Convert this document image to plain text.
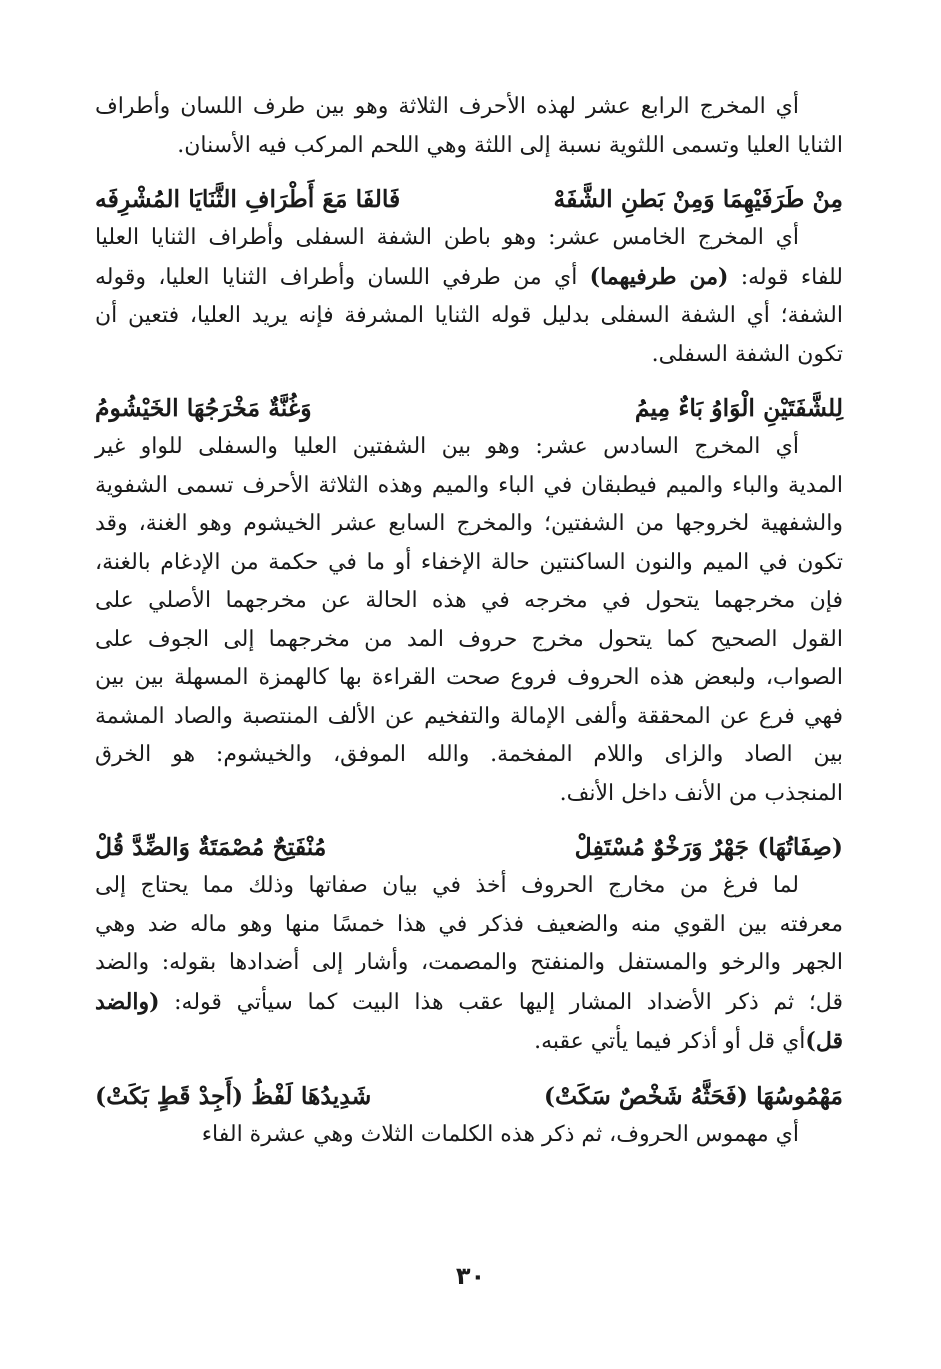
أي المخرج الرابع عشر لهذه الأحرف الثلاثة وهو بين طرف اللسان وأطراف
الثنايا العليا وتسمى اللثوية نسبة إلى اللثة وهي اللحم المركب فيه الأسنان.

مِنْ طَرَفَيْهِمَا وَمِنْ بَطنِ الشَّفَهْ
فَالفَا مَعَ أَطْرَافِ الثَّنَايَا المُشْرِفَه

أي المخرج الخامس عشر: وهو باطن الشفة السفلى وأطراف الثنايا العليا
للفاء قوله: (من طرفيهما) أي من طرفي اللسان وأطراف الثنايا العليا، وقوله
الشفة؛ أي الشفة السفلى بدليل قوله الثنايا المشرفة فإنه يريد العليا، فتعين أن
تكون الشفة السفلى.

لِلشَّفَتَيْنِ الْوَاوُ بَاءٌ مِيمُ
وَغُنَّةٌ مَخْرَجُهَا الخَيْشُومُ

أي المخرج السادس عشر: وهو بين الشفتين العليا والسفلى للواو غير
المدية والباء والميم فيطبقان في الباء والميم وهذه الثلاثة الأحرف تسمى الشفوية
والشفهية لخروجها من الشفتين؛ والمخرج السابع عشر الخيشوم وهو الغنة، وقد
تكون في الميم والنون الساكنتين حالة الإخفاء أو ما في حكمة من الإدغام بالغنة،
فإن مخرجهما يتحول في مخرجه في هذه الحالة عن مخرجهما الأصلي على
القول الصحيح كما يتحول مخرج حروف المد من مخرجهما إلى الجوف على
الصواب، ولبعض هذه الحروف فروع صحت القراءة بها كالهمزة المسهلة بين بين
فهي فرع عن المحققة وألفى الإمالة والتفخيم عن الألف المنتصبة والصاد المشمة
بين الصاد والزاى واللام المفخمة. والله الموفق، والخيشوم: هو الخرق
المنجذب من الأنف داخل الأنف.

(صِفَاتُهَا) جَهْرٌ وَرَخْوٌ مُسْتَفِلْ
مُنْفَتِحٌ مُصْمَتَةٌ وَالضِّدَّ قُلْ

لما فرغ من مخارج الحروف أخذ في بيان صفاتها وذلك مما يحتاج إلى
معرفته بين القوي منه والضعيف فذكر في هذا خمسًا منها وهو ماله ضد وهي
الجهر والرخو والمستفل والمنفتح والمصمت، وأشار إلى أضدادها بقوله: والضد
قل؛ ثم ذكر الأضداد المشار إليها عقب هذا البيت كما سيأتي قوله: (والضد
قل)أي قل أو أذكر فيما يأتي عقبه.

مَهْمُوسُهَا (فَحَثَّهُ شَخْصٌ سَكَتْ)
شَدِيدُهَا لَفْظُ (أَجِدْ قَطٍ بَكَتْ)

أي مهموس الحروف، ثم ذكر هذه الكلمات الثلاث وهي عشرة الفاء

٣٠
